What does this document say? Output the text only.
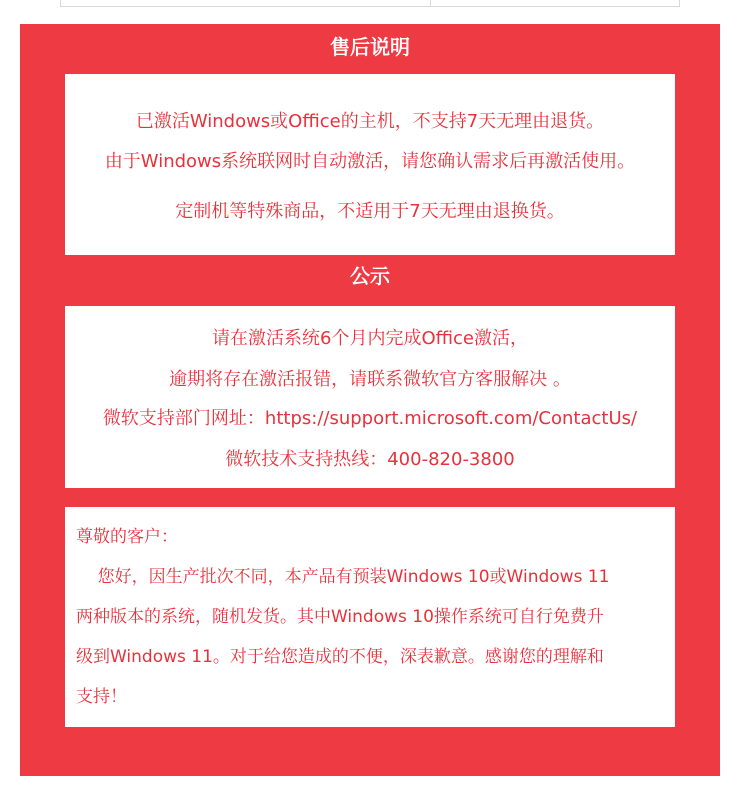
售后说明
已激活Windows或Office的主机，不支持7天无理由退货。
由于Windows系统联网时自动激活，请您确认需求后再激活使用。
定制机等特殊商品，不适用于7天无理由退换货。
公示
请在激活系统6个月内完成Office激活，
逾期将存在激活报错，请联系微软官方客服解决 。
微软支持部门网址：https://support.microsoft.com/ContactUs/
微软技术支持热线：400-820-3800
尊敬的客户：
您好，因生产批次不同，本产品有预装Windows 10或Windows 11
两种版本的系统，随机发货。其中Windows 10操作系统可自行免费升
级到Windows 11。对于给您造成的不便，深表歉意。感谢您的理解和
支持！
